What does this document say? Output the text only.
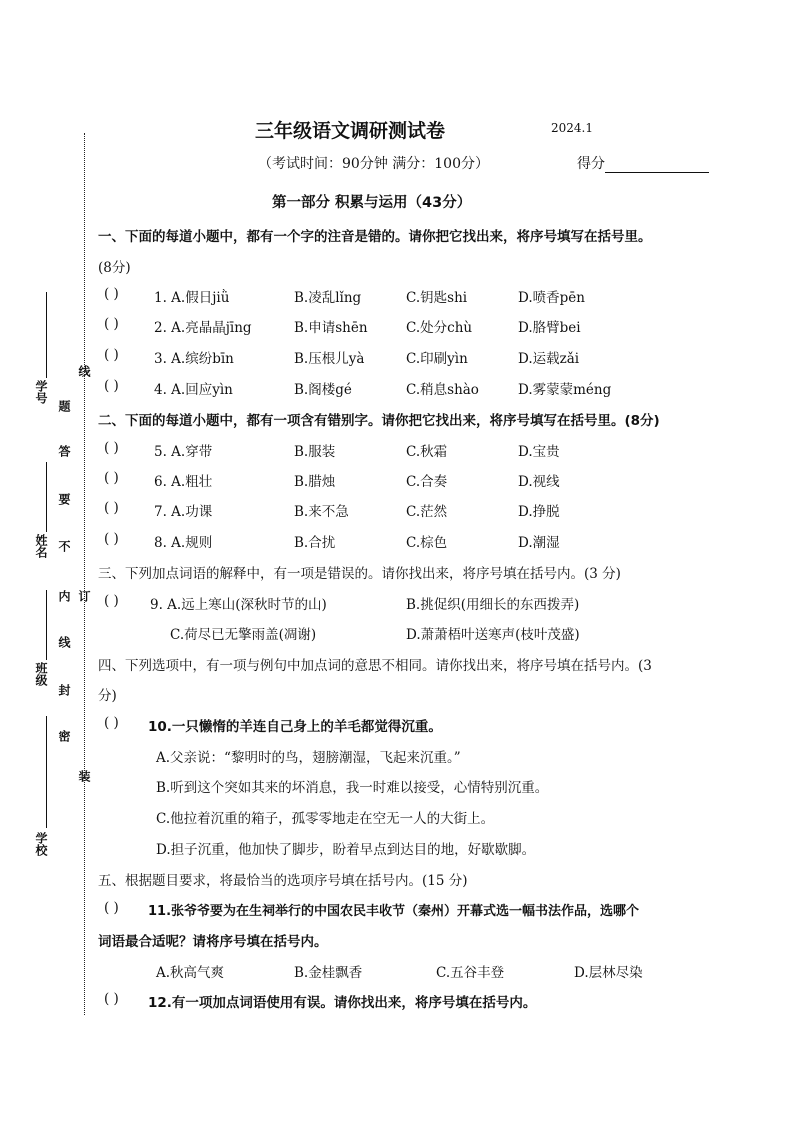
学号
姓名
班级
学校
线
题
答
要
不
内 订
线
封
密
装
三年级语文调研测试卷	2024.1
（考试时间：90分钟 满分：100分）	得分
第一部分 积累与运用（43分）
一、下面的每道小题中，都有一个字的注音是错的。请你把它找出来，将序号填写在括号里。
(8分)
( )	1. A.假日jiǜ	B.凌乱lǐng	C.钥匙shi	D.喷香pēn
( )	2. A.亮晶晶jīng	B.申请shēn	C.处分chù	D.胳臂bei
( )	3. A.缤纷bīn	B.压根儿yà	C.印刷yìn	D.运载zǎi
( )	4. A.回应yìn	B.阁楼gé	C.稍息shào	D.雾蒙蒙méng
二、下面的每道小题中，都有一项含有错别字。请你把它找出来，将序号填写在括号里。(8分)
( )	5. A.穿带	B.服装	C.秋霜	D.宝贵
( )	6. A.粗壮	B.腊烛	C.合奏	D.视线
( )	7. A.功课	B.来不急	C.茫然	D.挣脱
( )	8. A.规则	B.合扰	C.棕色	D.潮湿
三、下列加点词语的解释中，有一项是错误的。请你找出来，将序号填在括号内。(3 分)
( ) 9. A.远上寒山(深秋时节的山)	B.挑促织(用细长的东西拨弄)
C.荷尽已无擎雨盖(凋谢)	D.萧萧梧叶送寒声(枝叶茂盛)
四、下列选项中，有一项与例句中加点词的意思不相同。请你找出来，将序号填在括号内。(3
分)
( ) 10.一只懒惰的羊连自己身上的羊毛都觉得沉重。
A.父亲说：“黎明时的鸟，翅膀潮湿，飞起来沉重。”
B.听到这个突如其来的坏消息，我一时难以接受，心情特别沉重。
C.他拉着沉重的箱子，孤零零地走在空无一人的大街上。
D.担子沉重，他加快了脚步，盼着早点到达目的地，好歇歇脚。
五、根据题目要求，将最恰当的选项序号填在括号内。(15 分)
( ) 11.张爷爷要为在生祠举行的中国农民丰收节（秦州）开幕式选一幅书法作品，选哪个
词语最合适呢？请将序号填在括号内。
A.秋高气爽	B.金桂飘香	C.五谷丰登	D.层林尽染
( ) 12.有一项加点词语使用有误。请你找出来，将序号填在括号内。
